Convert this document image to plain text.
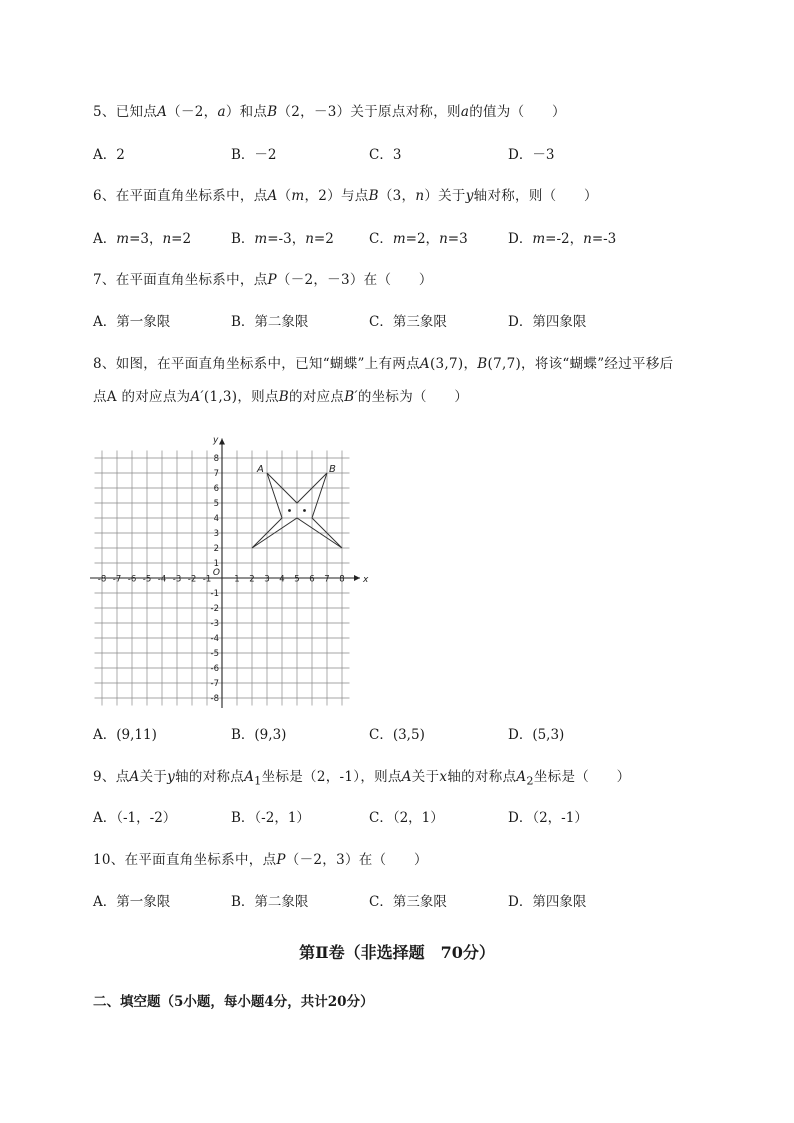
5、已知点A（－2，a）和点B（2，－3）关于原点对称，则a的值为（　　）
A．2	B．－2	C．3	D．－3
6、在平面直角坐标系中，点A（m，2）与点B（3，n）关于y轴对称，则（　　）
A．m=3，n=2	B．m=-3，n=2	C．m=2，n=3	D．m=-2，n=-3
7、在平面直角坐标系中，点P（－2，－3）在（　　）
A．第一象限	B．第二象限	C．第三象限	D．第四象限
8、如图，在平面直角坐标系中，已知“蝴蝶”上有两点A(3,7)，B(7,7)，将该“蝴蝶”经过平移后
点A 的对应点为A′(1,3)，则点B的对应点B′的坐标为（　　）
-8 -7 -6 -5 -4 -3 -2 -1	1 2 3 4 5 6 7 8
8
7
6
5
4
3
2
1
-1
-2
-3
-4
-5
-6
-7
-8
x
y
O
A	B
A．(9,11)	B．(9,3)	C．(3,5)	D．(5,3)
9、点A关于y轴的对称点$A_1$坐标是（2，-1），则点A关于x轴的对称点$A_2$坐标是（　　）
A．（-1，-2）	B．（-2，1）	C．（2，1）	D．（2，-1）
10、在平面直角坐标系中，点P（－2，3）在（　　）
A．第一象限	B．第二象限	C．第三象限	D．第四象限
第Ⅱ卷（非选择题　70分）
二、填空题（5小题，每小题4分，共计20分）
